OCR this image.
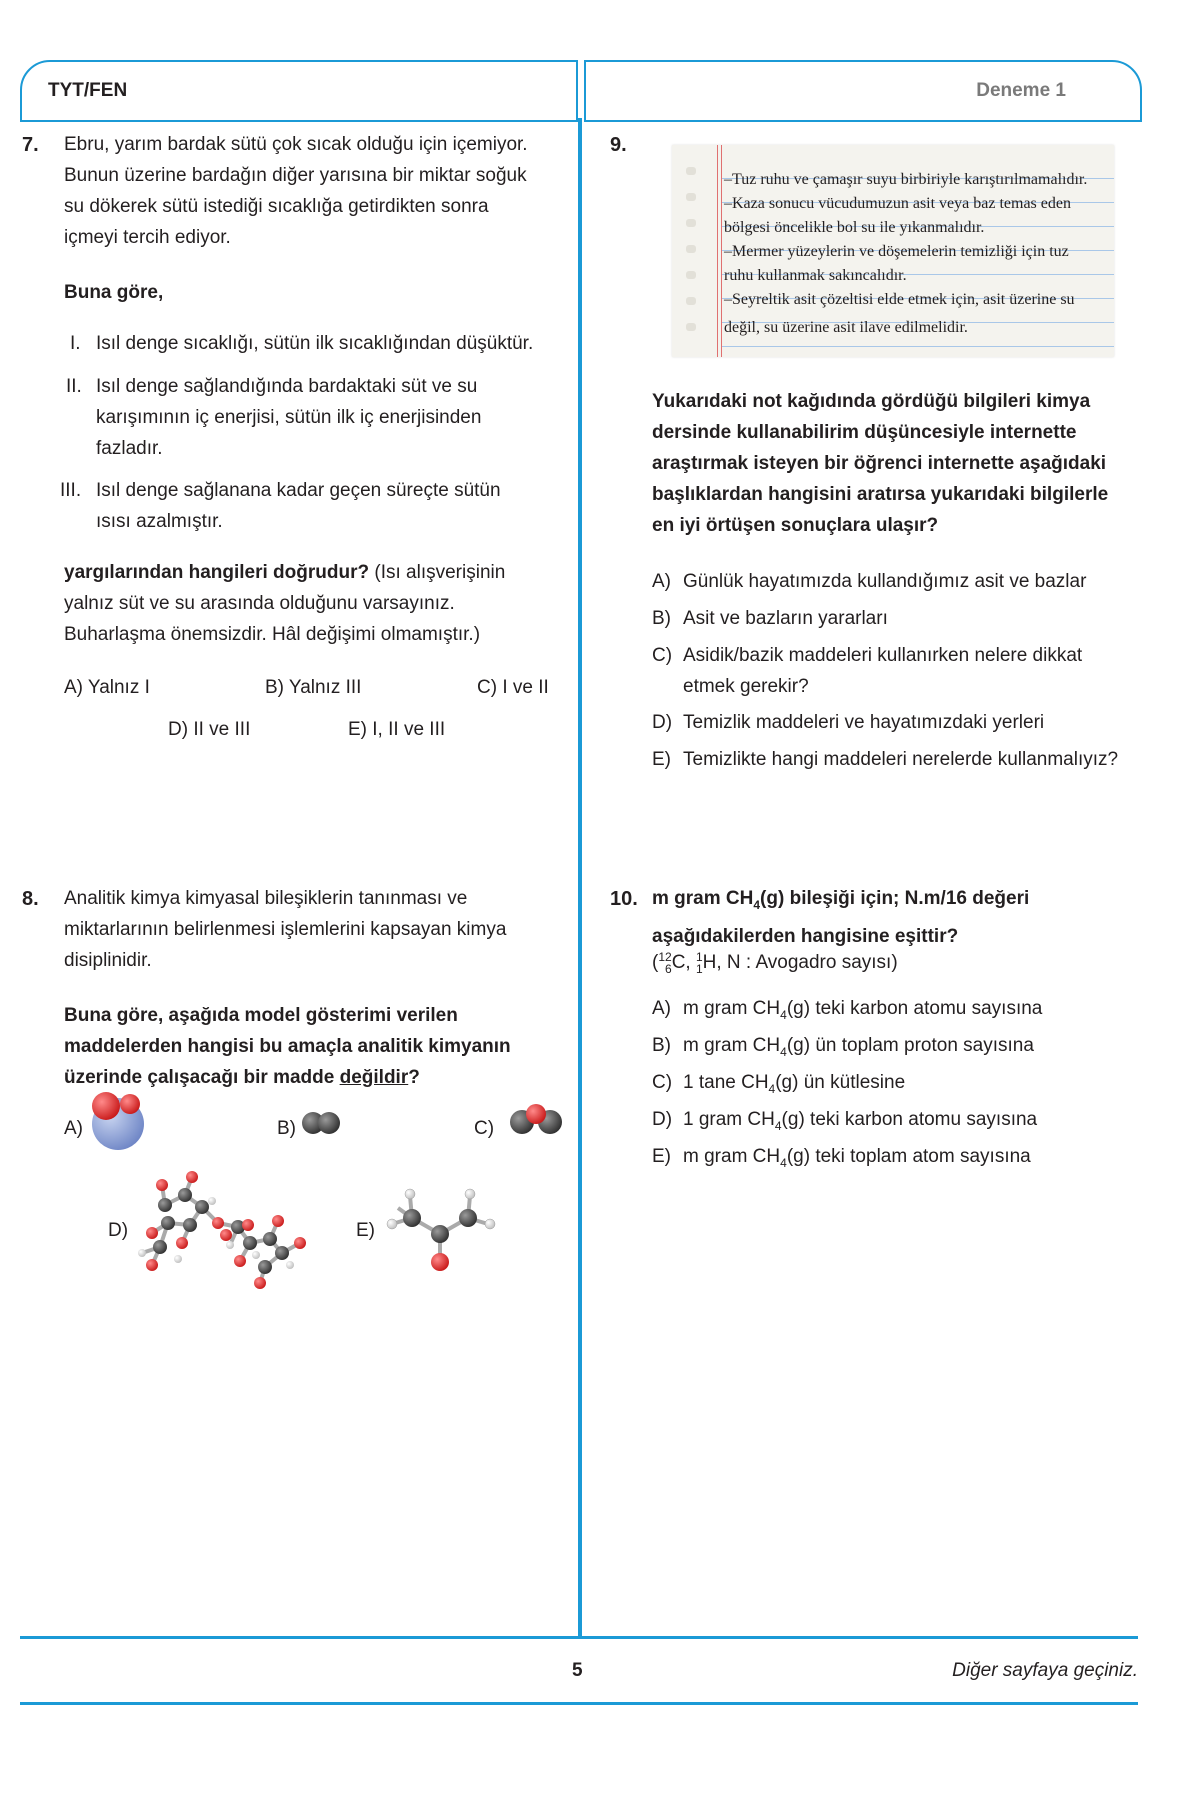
TYT/FEN	Deneme 1
7. Ebru, yarım bardak sütü çok sıcak olduğu için içemiyor.
Bunun üzerine bardağın diğer yarısına bir miktar soğuk
su dökerek sütü istediği sıcaklığa getirdikten sonra
içmeyi tercih ediyor.
Buna göre,
I. Isıl denge sıcaklığı, sütün ilk sıcaklığından düşüktür.
II. Isıl denge sağlandığında bardaktaki süt ve su
karışımının iç enerjisi, sütün ilk iç enerjisinden
fazladır.
III. Isıl denge sağlanana kadar geçen süreçte sütün
ısısı azalmıştır.
yargılarından hangileri doğrudur? (Isı alışverişinin
yalnız süt ve su arasında olduğunu varsayınız.
Buharlaşma önemsizdir. Hâl değişimi olmamıştır.)
A) Yalnız I	B) Yalnız III	C) I ve II
D) II ve III	E) I, II ve III
8. Analitik kimya kimyasal bileşiklerin tanınması ve
miktarlarının belirlenmesi işlemlerini kapsayan kimya
disiplinidir.
Buna göre, aşağıda model gösterimi verilen
maddelerden hangisi bu amaçla analitik kimyanın
üzerinde çalışacağı bir madde değildir?
A)	B)	C)
D)	E)
9.
–Tuz ruhu ve çamaşır suyu birbiriyle karıştırılmamalıdır.
–Kaza sonucu vücudumuzun asit veya baz temas eden
bölgesi öncelikle bol su ile yıkanmalıdır.
–Mermer yüzeylerin ve döşemelerin temizliği için tuz
ruhu kullanmak sakıncalıdır.
–Seyreltik asit çözeltisi elde etmek için, asit üzerine su
değil, su üzerine asit ilave edilmelidir.
Yukarıdaki not kağıdında gördüğü bilgileri kimya
dersinde kullanabilirim düşüncesiyle internette
araştırmak isteyen bir öğrenci internette aşağıdaki
başlıklardan hangisini aratırsa yukarıdaki bilgilerle
en iyi örtüşen sonuçlara ulaşır?
A) Günlük hayatımızda kullandığımız asit ve bazlar
B) Asit ve bazların yararları
C) Asidik/bazik maddeleri kullanırken nelere dikkat
etmek gerekir?
D) Temizlik maddeleri ve hayatımızdaki yerleri
E) Temizlikte hangi maddeleri nerelerde kullanmalıyız?
10. m gram $CH_4(g)$ bileşiği için; N.m/16 değeri
aşağıdakilerden hangisine eşittir?
( 12
6 C, 1
1 H, N : Avogadro sayısı)
A) m gram $CH_4(g)$ teki karbon atomu sayısına
B) m gram $CH_4(g)$ ün toplam proton sayısına
C) 1 tane $CH_4(g)$ ün kütlesine
D) 1 gram $CH_4(g)$ teki karbon atomu sayısına
E) m gram $CH_4(g)$ teki toplam atom sayısına
5	Diğer sayfaya geçiniz.
